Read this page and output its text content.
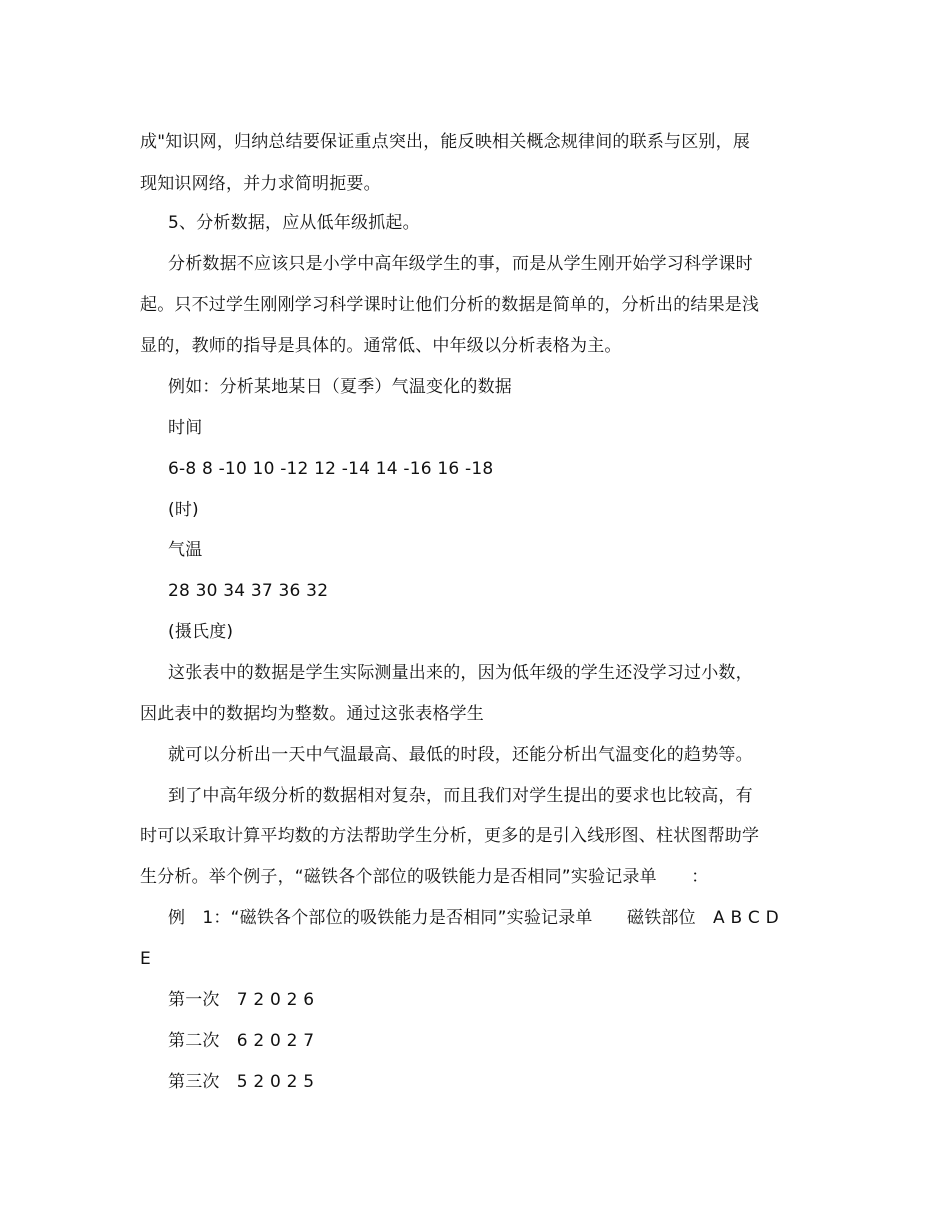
成"知识网，归纳总结要保证重点突出，能反映相关概念规律间的联系与区别，展
现知识网络，并力求简明扼要。
5、分析数据，应从低年级抓起。
分析数据不应该只是小学中高年级学生的事，而是从学生刚开始学习科学课时
起。只不过学生刚刚学习科学课时让他们分析的数据是简单的，分析出的结果是浅
显的，教师的指导是具体的。通常低、中年级以分析表格为主。
例如：分析某地某日（夏季）气温变化的数据
时间
6-8 8 -10 10 -12 12 -14 14 -16 16 -18
(时)
气温
28 30 34 37 36 32
(摄氏度)
这张表中的数据是学生实际测量出来的，因为低年级的学生还没学习过小数，
因此表中的数据均为整数。通过这张表格学生
就可以分析出一天中气温最高、最低的时段，还能分析出气温变化的趋势等。
到了中高年级分析的数据相对复杂，而且我们对学生提出的要求也比较高，有
时可以采取计算平均数的方法帮助学生分析，更多的是引入线形图、柱状图帮助学
生分析。举个例子，“磁铁各个部位的吸铁能力是否相同”实验记录单　　：
例　1：“磁铁各个部位的吸铁能力是否相同”实验记录单　　磁铁部位　A B C D
E
第一次　7 2 0 2 6
第二次　6 2 0 2 7
第三次　5 2 0 2 5
